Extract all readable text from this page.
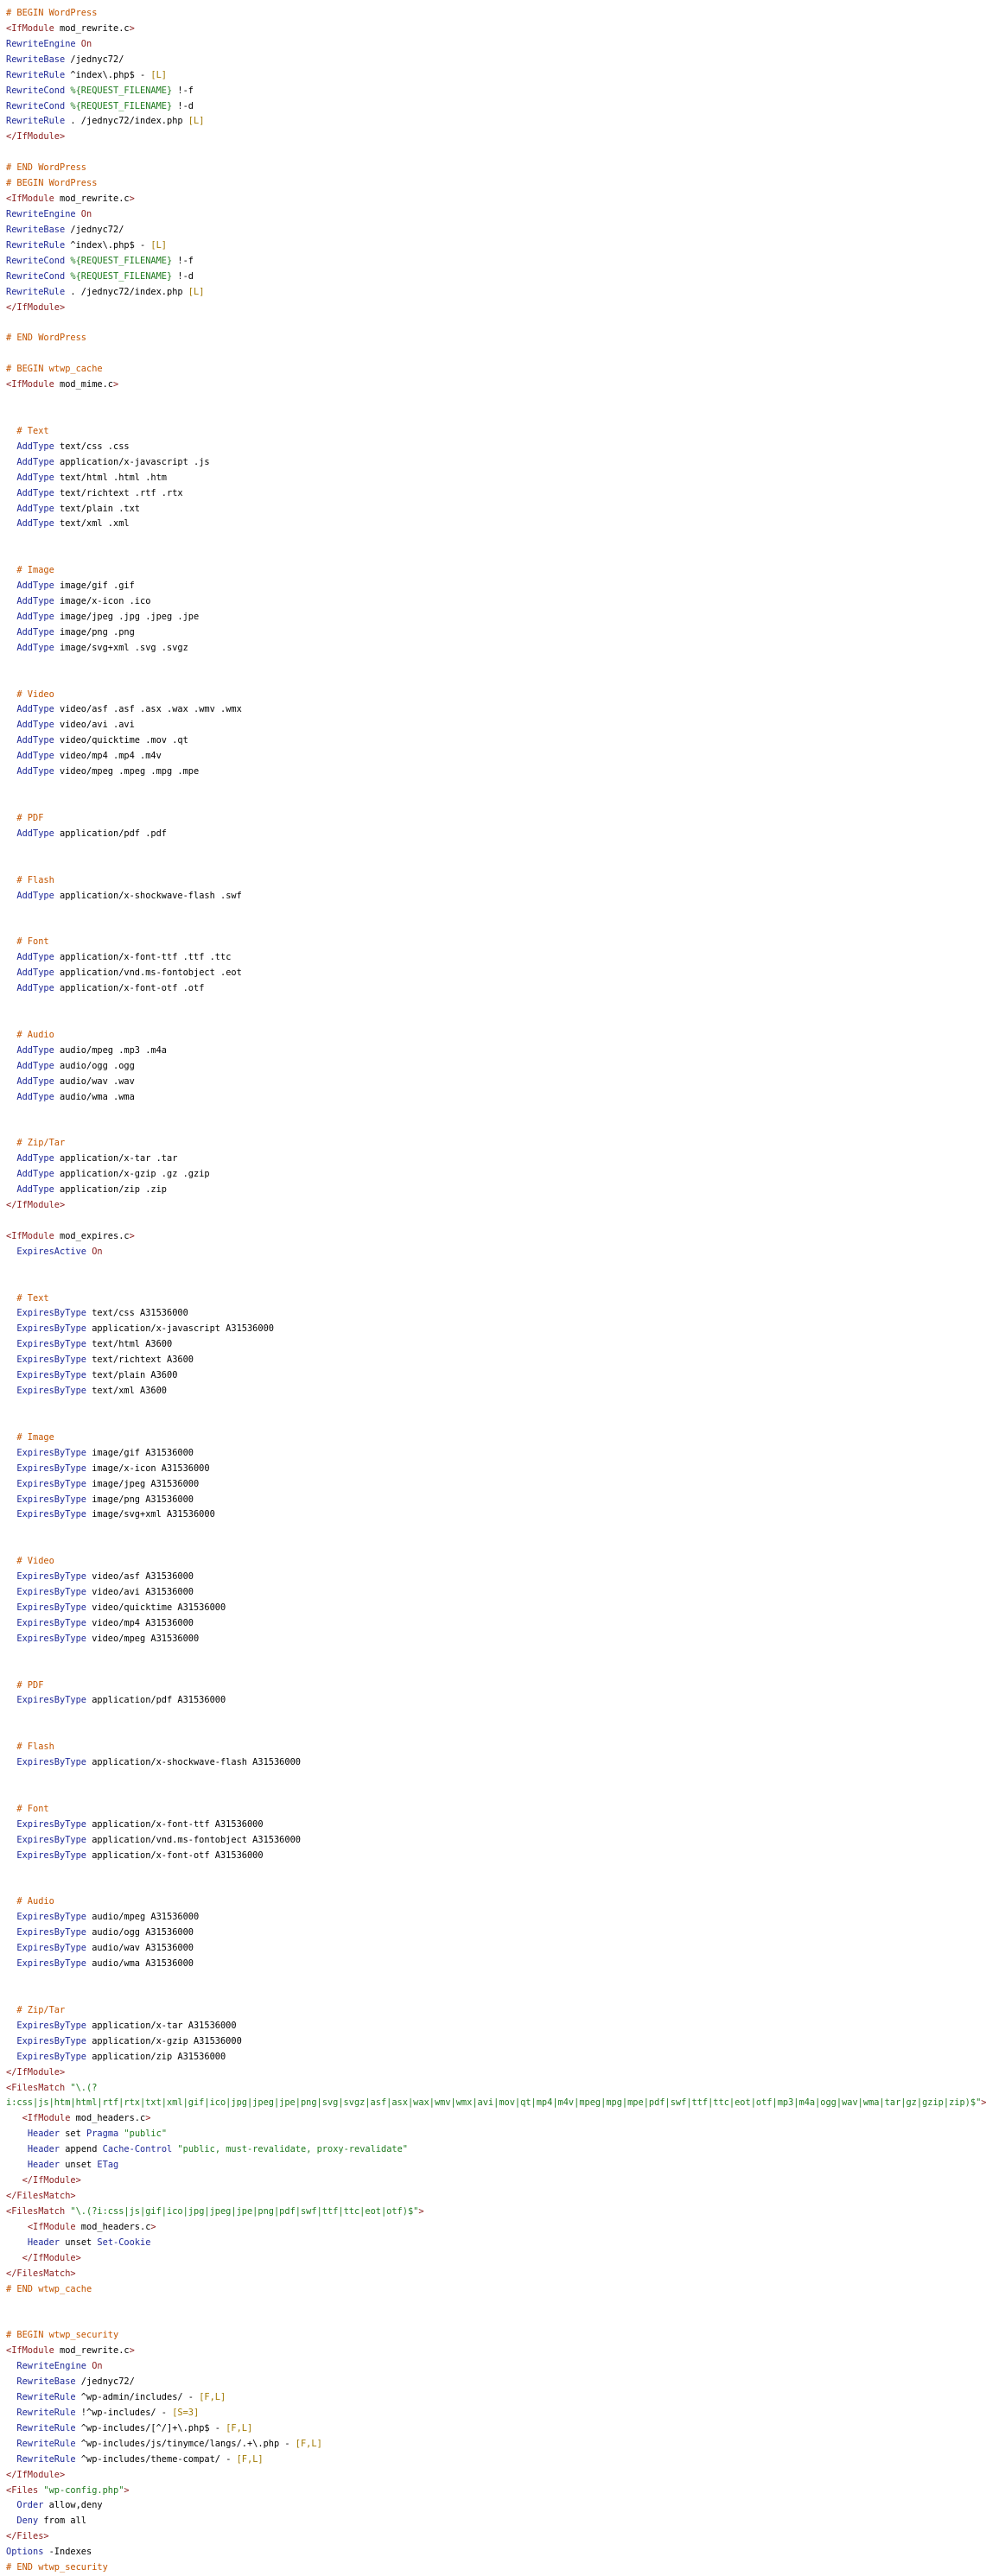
# BEGIN WordPress
<IfModule mod_rewrite.c>
RewriteEngine On
RewriteBase /jednyc72/
RewriteRule ^index\.php$ - [L]
RewriteCond %{REQUEST_FILENAME} !-f
RewriteCond %{REQUEST_FILENAME} !-d
RewriteRule . /jednyc72/index.php [L]
</IfModule>
# END WordPress
# BEGIN WordPress
<IfModule mod_rewrite.c>
RewriteEngine On
RewriteBase /jednyc72/
RewriteRule ^index\.php$ - [L]
RewriteCond %{REQUEST_FILENAME} !-f
RewriteCond %{REQUEST_FILENAME} !-d
RewriteRule . /jednyc72/index.php [L]
</IfModule>
# END WordPress
# BEGIN wtwp_cache
<IfModule mod_mime.c>
# Text
AddType text/css .css
AddType application/x-javascript .js
AddType text/html .html .htm
AddType text/richtext .rtf .rtx
AddType text/plain .txt
AddType text/xml .xml
# Image
AddType image/gif .gif
AddType image/x-icon .ico
AddType image/jpeg .jpg .jpeg .jpe
AddType image/png .png
AddType image/svg+xml .svg .svgz
# Video
AddType video/asf .asf .asx .wax .wmv .wmx
AddType video/avi .avi
AddType video/quicktime .mov .qt
AddType video/mp4 .mp4 .m4v
AddType video/mpeg .mpeg .mpg .mpe
# PDF
AddType application/pdf .pdf
# Flash
AddType application/x-shockwave-flash .swf
# Font
AddType application/x-font-ttf .ttf .ttc
AddType application/vnd.ms-fontobject .eot
AddType application/x-font-otf .otf
# Audio
AddType audio/mpeg .mp3 .m4a
AddType audio/ogg .ogg
AddType audio/wav .wav
AddType audio/wma .wma
# Zip/Tar
AddType application/x-tar .tar
AddType application/x-gzip .gz .gzip
AddType application/zip .zip
</IfModule>
<IfModule mod_expires.c>
ExpiresActive On
# Text
ExpiresByType text/css A31536000
ExpiresByType application/x-javascript A31536000
ExpiresByType text/html A3600
ExpiresByType text/richtext A3600
ExpiresByType text/plain A3600
ExpiresByType text/xml A3600
# Image
ExpiresByType image/gif A31536000
ExpiresByType image/x-icon A31536000
ExpiresByType image/jpeg A31536000
ExpiresByType image/png A31536000
ExpiresByType image/svg+xml A31536000
# Video
ExpiresByType video/asf A31536000
ExpiresByType video/avi A31536000
ExpiresByType video/quicktime A31536000
ExpiresByType video/mp4 A31536000
ExpiresByType video/mpeg A31536000
# PDF
ExpiresByType application/pdf A31536000
# Flash
ExpiresByType application/x-shockwave-flash A31536000
# Font
ExpiresByType application/x-font-ttf A31536000
ExpiresByType application/vnd.ms-fontobject A31536000
ExpiresByType application/x-font-otf A31536000
# Audio
ExpiresByType audio/mpeg A31536000
ExpiresByType audio/ogg A31536000
ExpiresByType audio/wav A31536000
ExpiresByType audio/wma A31536000
# Zip/Tar
ExpiresByType application/x-tar A31536000
ExpiresByType application/x-gzip A31536000
ExpiresByType application/zip A31536000
</IfModule>
<FilesMatch "\.(?
i:css|js|htm|html|rtf|rtx|txt|xml|gif|ico|jpg|jpeg|jpe|png|svg|svgz|asf|asx|wax|wmv|wmx|avi|mov|qt|mp4|m4v|mpeg|mpg|mpe|pdf|swf|ttf|ttc|eot|otf|mp3|m4a|ogg|wav|wma|tar|gz|gzip|zip)$">
<IfModule mod_headers.c>
Header set Pragma "public"
Header append Cache-Control "public, must-revalidate, proxy-revalidate"
Header unset ETag
</IfModule>
</FilesMatch>
<FilesMatch "\.(?i:css|js|gif|ico|jpg|jpeg|jpe|png|pdf|swf|ttf|ttc|eot|otf)$">
<IfModule mod_headers.c>
Header unset Set-Cookie
</IfModule>
</FilesMatch>
# END wtwp_cache
# BEGIN wtwp_security
<IfModule mod_rewrite.c>
RewriteEngine On
RewriteBase /jednyc72/
RewriteRule ^wp-admin/includes/ - [F,L]
RewriteRule !^wp-includes/ - [S=3]
RewriteRule ^wp-includes/[^/]+\.php$ - [F,L]
RewriteRule ^wp-includes/js/tinymce/langs/.+\.php - [F,L]
RewriteRule ^wp-includes/theme-compat/ - [F,L]
</IfModule>
<Files "wp-config.php">
Order allow,deny
Deny from all
</Files>
Options -Indexes
# END wtwp_security
